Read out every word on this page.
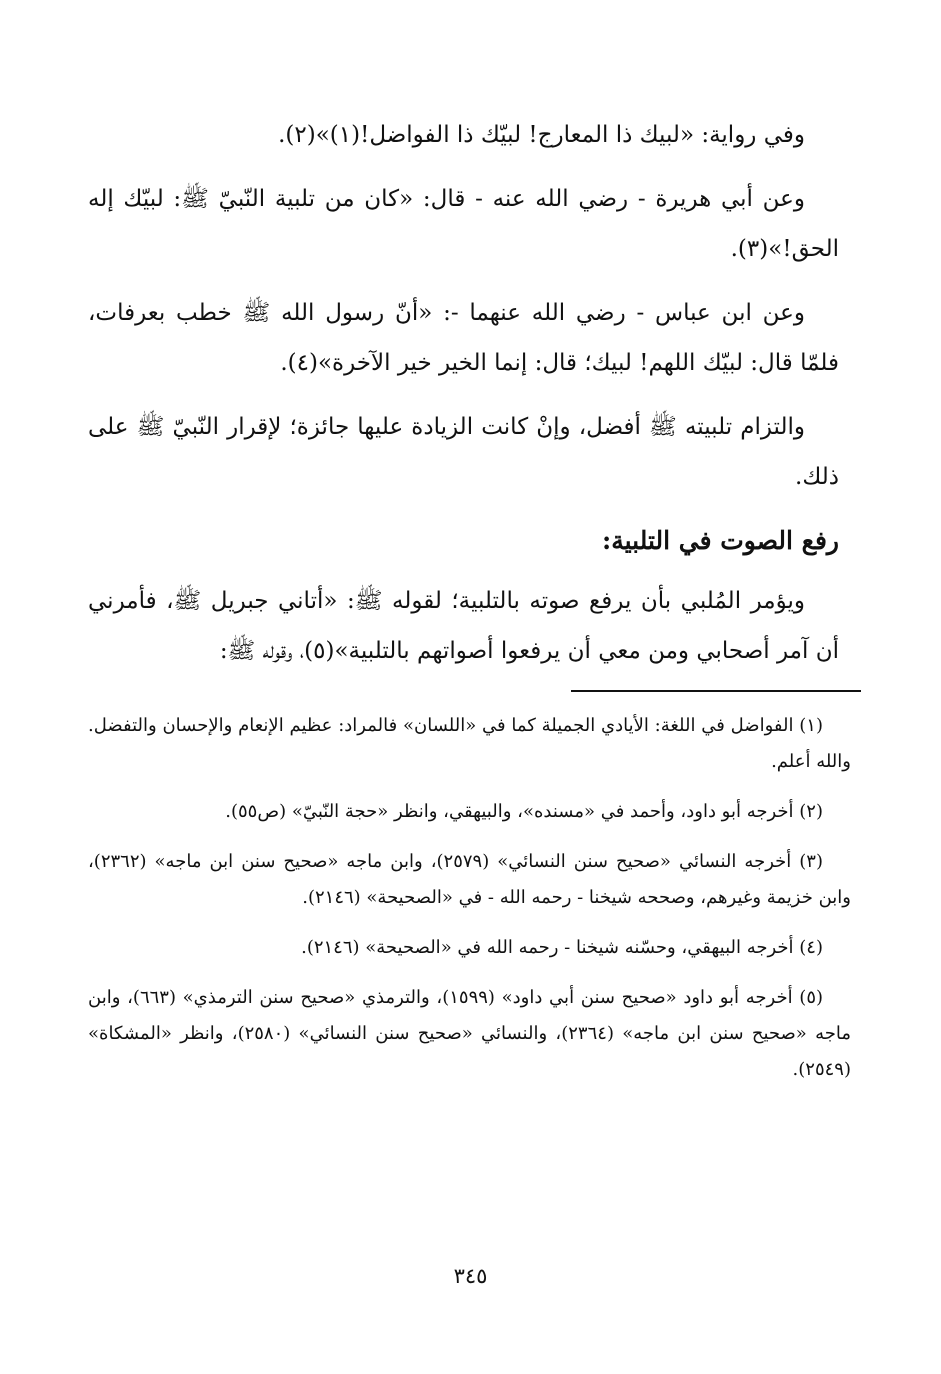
وفي رواية: «لبيك ذا المعارج! لبيّك ذا الفواضل!(١)»(٢).

وعن أبي هريرة - رضي الله عنه - قال: «كان من تلبية النّبيّ ﷺ: لبيّك إله الحق!»(٣).

وعن ابن عباس - رضي الله عنهما -: «أنّ رسول الله ﷺ خطب بعرفات، فلمّا قال: لبيّك اللهم! لبيك؛ قال: إنما الخير خير الآخرة»(٤).

والتزام تلبيته ﷺ أفضل، وإنْ كانت الزيادة عليها جائزة؛ لإقرار النّبيّ ﷺ على ذلك.

رفع الصوت في التلبية:

ويؤمر المُلبي بأن يرفع صوته بالتلبية؛ لقوله ﷺ: «أتاني جبريل ﷺ، فأمرني أن آمر أصحابي ومن معي أن يرفعوا أصواتهم بالتلبية»(٥)، وقوله ﷺ:

(١) الفواضل في اللغة: الأيادي الجميلة كما في «اللسان» فالمراد: عظيم الإنعام والإحسان والتفضل. والله أعلم.

(٢) أخرجه أبو داود، وأحمد في «مسنده»، والبيهقي، وانظر «حجة النّبيّ» (ص٥٥).

(٣) أخرجه النسائي «صحيح سنن النسائي» (٢٥٧٩)، وابن ماجه «صحيح سنن ابن ماجه» (٢٣٦٢)، وابن خزيمة وغيرهم، وصححه شيخنا - رحمه الله - في «الصحيحة» (٢١٤٦).

(٤) أخرجه البيهقي، وحسّنه شيخنا - رحمه الله في «الصحيحة» (٢١٤٦).

(٥) أخرجه أبو داود «صحيح سنن أبي داود» (١٥٩٩)، والترمذي «صحيح سنن الترمذي» (٦٦٣)، وابن ماجه «صحيح سنن ابن ماجه» (٢٣٦٤)، والنسائي «صحيح سنن النسائي» (٢٥٨٠)، وانظر «المشكاة» (٢٥٤٩).

٣٤٥
